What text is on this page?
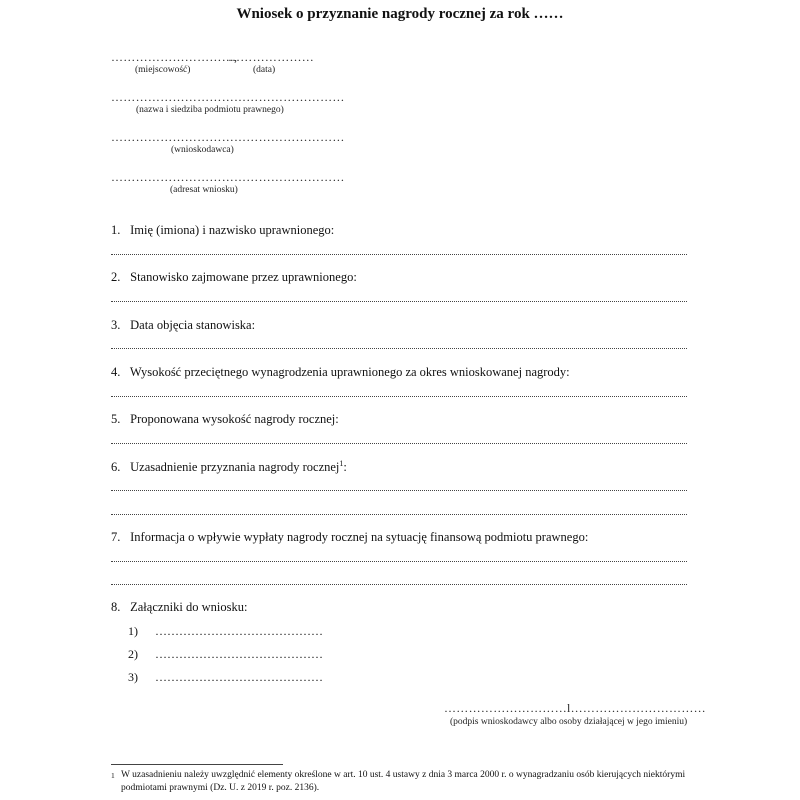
Wniosek o przyznanie nagrody rocznej za rok ……
…………………………,
…………………
(miejscowość)	(data)
…………………………………………………
(nazwa i siedziba podmiotu prawnego)
…………………………………………………
(wnioskodawca)
…………………………………………………
(adresat wniosku)
1. Imię (imiona) i nazwisko uprawnionego:
2. Stanowisko zajmowane przez uprawnionego:
3. Data objęcia stanowiska:
4. Wysokość przeciętnego wynagrodzenia uprawnionego za okres wnioskowanej nagrody:
5. Proponowana wysokość nagrody rocznej:
6. Uzasadnienie przyznania nagrody rocznej$^1$:
7. Informacja o wpływie wypłaty nagrody rocznej na sytuację finansową podmiotu prawnego:
8. Załączniki do wniosku:
1) ……………………………………
2) ……………………………………
3) ……………………………………
…………………………l……………………………
(podpis wnioskodawcy albo osoby działającej w jego imieniu)
1 W uzasadnieniu należy uwzględnić elementy określone w art. 10 ust. 4 ustawy z dnia 3 marca 2000 r. o wynagradzaniu osób kierujących niektórymi podmiotami prawnymi (Dz. U. z 2019 r. poz. 2136).
